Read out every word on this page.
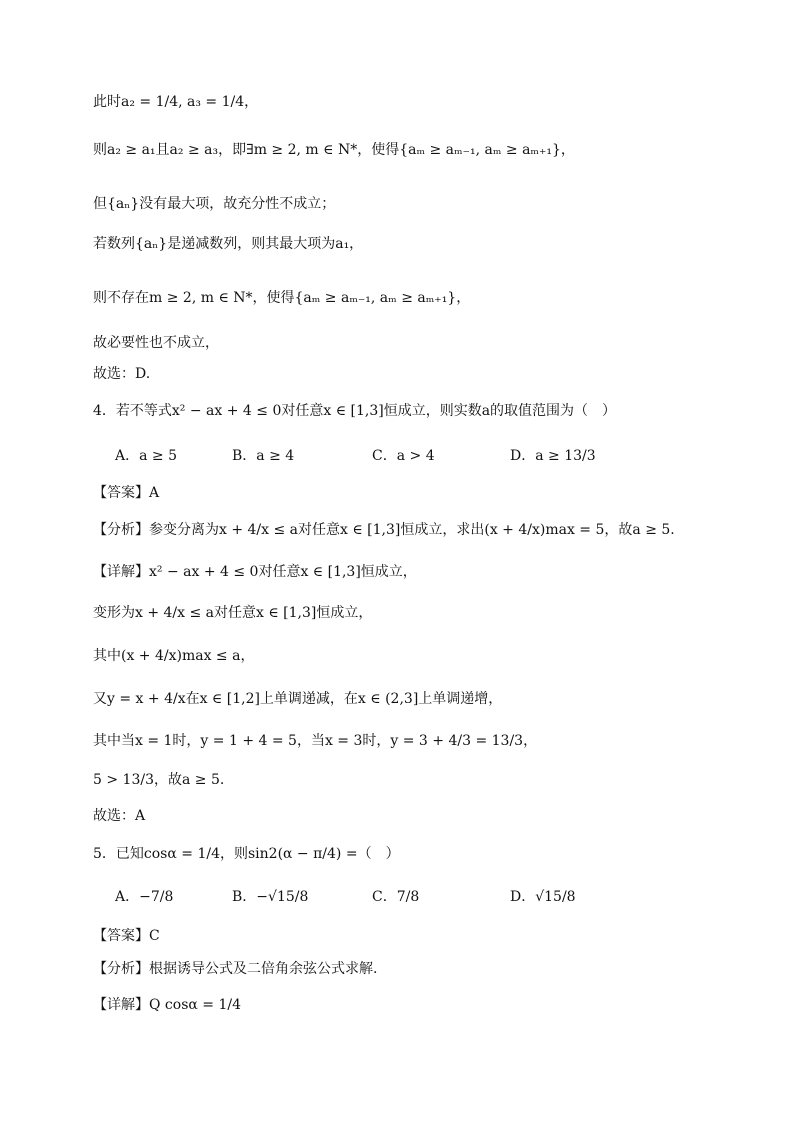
此时a₂ = 1/4, a₃ = 1/4，
则a₂ ≥ a₁且a₂ ≥ a₃，即∃m ≥ 2, m ∈ N*，使得{aₘ ≥ aₘ₋₁, aₘ ≥ aₘ₊₁}，
但{aₙ}没有最大项，故充分性不成立；
若数列{aₙ}是递减数列，则其最大项为a₁，
则不存在m ≥ 2, m ∈ N*，使得{aₘ ≥ aₘ₋₁, aₘ ≥ aₘ₊₁}，
故必要性也不成立，
故选：D.
4．若不等式x² − ax + 4 ≤ 0对任意x ∈ [1,3]恒成立，则实数a的取值范围为（　）
A．a ≥ 5	B．a ≥ 4	C．a > 4	D．a ≥ 13/3
【答案】A
【分析】参变分离为x + 4/x ≤ a对任意x ∈ [1,3]恒成立，求出(x + 4/x)max = 5，故a ≥ 5.
【详解】x² − ax + 4 ≤ 0对任意x ∈ [1,3]恒成立，
变形为x + 4/x ≤ a对任意x ∈ [1,3]恒成立，
其中(x + 4/x)max ≤ a，
又y = x + 4/x在x ∈ [1,2]上单调递减，在x ∈ (2,3]上单调递增，
其中当x = 1时，y = 1 + 4 = 5，当x = 3时，y = 3 + 4/3 = 13/3，
5 > 13/3，故a ≥ 5.
故选：A
5．已知cosα = 1/4，则sin2(α − π/4) =（　）
A．−7/8	B．−√15/8	C．7/8	D．√15/8
【答案】C
【分析】根据诱导公式及二倍角余弦公式求解.
【详解】Q cosα = 1/4
